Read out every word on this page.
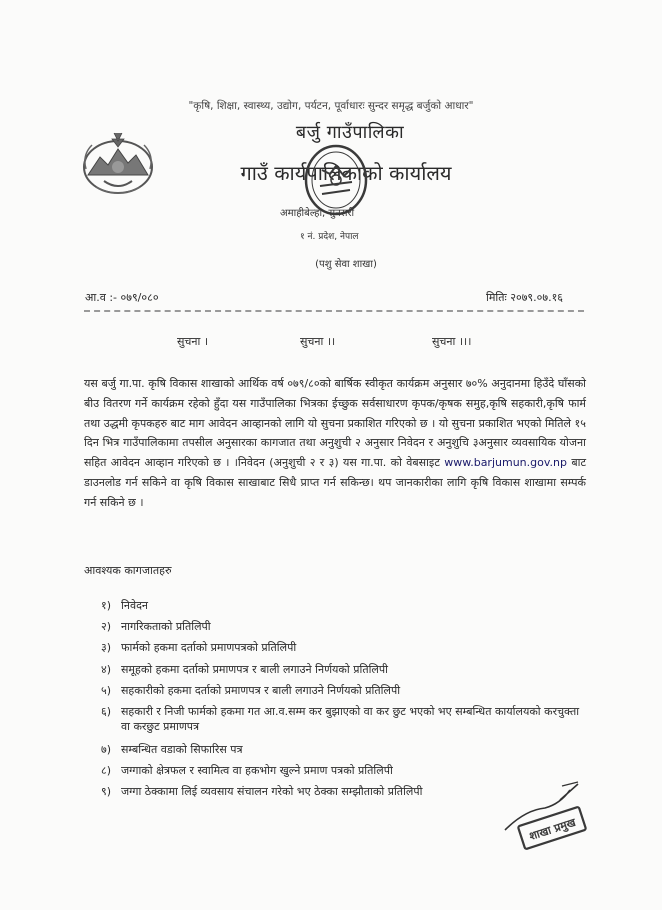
"कृषि, शिक्षा, स्वास्थ्य, उद्योग, पर्यटन, पूर्वाधारः सुन्दर समृद्ध बर्जुको आधार"
बर्जु गाउँपालिका
गाउँ कार्यपालिकाको कार्यालय
अमाहीबेल्हा, सुनसरी
१ नं. प्रदेश, नेपाल
(पशु सेवा शाखा)
आ.व :- ०७९/०८०	मितिः २०७९.०७.१६
सुचना ।	सुचना ।।	सुचना ।।।
यस बर्जु गा.पा. कृषि विकास शाखाको आर्थिक वर्ष ०७९/८०को बार्षिक स्वीकृत कार्यक्रम अनुसार ७०% अनुदानमा हिउँदे घाँसको बीउ वितरण गर्ने कार्यक्रम रहेको हुँदा यस गाउँपालिका भित्रका ईच्छुक सर्वसाधारण कृपक/कृषक समुह,कृषि सहकारी,कृषि फार्म तथा उद्धमी कृपकहरु बाट माग आवेदन आव्हानको लागि यो सुचना प्रकाशित गरिएको छ । यो सुचना प्रकाशित भएको मितिले १५ दिन भित्र गाउँपालिकामा तपसील अनुसारका कागजात तथा अनुशुची २ अनुसार निवेदन र अनुशुचि ३अनुसार व्यवसायिक योजना सहित आवेदन आव्हान गरिएको छ । ।निवेदन (अनुशुची २ र ३) यस गा.पा. को वेबसाइट www.barjumun.gov.np बाट डाउनलोड गर्न सकिने वा कृषि विकास साखाबाट सिधै प्राप्त गर्न सकिन्छ। थप जानकारीका लागि कृषि विकास शाखामा सम्पर्क गर्न सकिने छ ।
आवश्यक कागजातहरु
१) निवेदन
२) नागरिकताको प्रतिलिपी
३) फार्मको हकमा दर्ताको प्रमाणपत्रको प्रतिलिपी
४) समूहको हकमा दर्ताको प्रमाणपत्र र बाली लगाउने निर्णयको प्रतिलिपी
५) सहकारीको हकमा दर्ताको प्रमाणपत्र र बाली लगाउने निर्णयको प्रतिलिपी
६) सहकारी र निजी फार्मको हकमा गत आ.व.सम्म कर बुझाएको वा कर छुट भएको भए सम्बन्धित कार्यालयको करचुक्ता वा करछुट प्रमाणपत्र
७) सम्बन्धित वडाको सिफारिस पत्र
८) जग्गाको क्षेत्रफल र स्वामित्व वा हकभोग खुल्ने प्रमाण पत्रको प्रतिलिपी
९) जग्गा ठेक्कामा लिई व्यवसाय संचालन गरेको भए ठेक्का सम्झौताको प्रतिलिपी
शाखा प्रमुख
